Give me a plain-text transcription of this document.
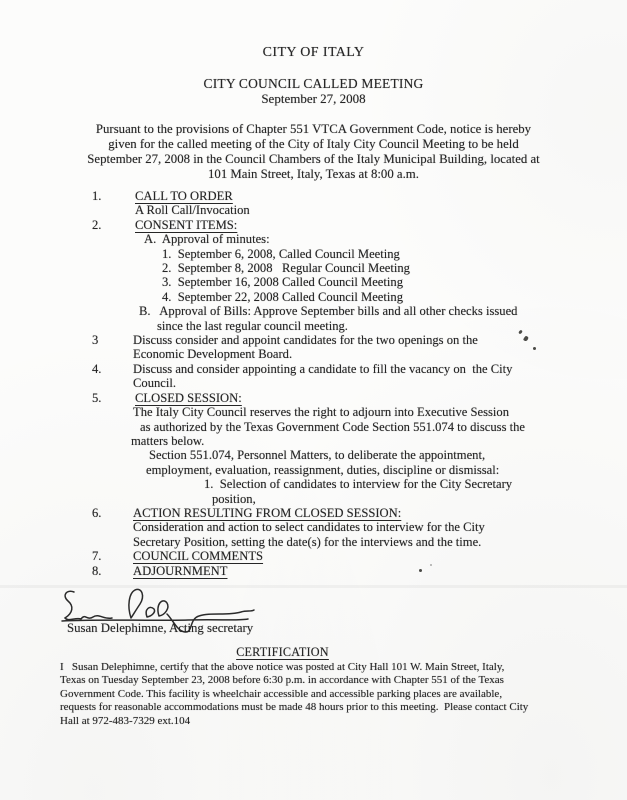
CITY OF ITALY
CITY COUNCIL CALLED MEETING
September 27, 2008
Pursuant to the provisions of Chapter 551 VTCA Government Code, notice is hereby
given for the called meeting of the City of Italy City Council Meeting to be held
September 27, 2008 in the Council Chambers of the Italy Municipal Building, located at
101 Main Street, Italy, Texas at 8:00 a.m.
1.	CALL TO ORDER
A Roll Call/Invocation
2.	CONSENT ITEMS:
A.  Approval of minutes:
1.  September 6, 2008, Called Council Meeting
2.  September 8, 2008   Regular Council Meeting
3.  September 16, 2008 Called Council Meeting
4.  September 22, 2008 Called Council Meeting
B.   Approval of Bills: Approve September bills and all other checks issued
since the last regular council meeting.
3	Discuss consider and appoint candidates for the two openings on the
Economic Development Board.
4.	Discuss and consider appointing a candidate to fill the vacancy on  the City
Council.
5.	CLOSED SESSION:
The Italy City Council reserves the right to adjourn into Executive Session
as authorized by the Texas Government Code Section 551.074 to discuss the
matters below.
Section 551.074, Personnel Matters, to deliberate the appointment,
employment, evaluation, reassignment, duties, discipline or dismissal:
1.  Selection of candidates to interview for the City Secretary
position,
6.	ACTION RESULTING FROM CLOSED SESSION:
Consideration and action to select candidates to interview for the City
Secretary Position, setting the date(s) for the interviews and the time.
7.	COUNCIL COMMENTS
8.	ADJOURNMENT
Susan Delephimne, Acting secretary
CERTIFICATION
I   Susan Delephimne, certify that the above notice was posted at City Hall 101 W. Main Street, Italy,
Texas on Tuesday September 23, 2008 before 6:30 p.m. in accordance with Chapter 551 of the Texas
Government Code. This facility is wheelchair accessible and accessible parking places are available,
requests for reasonable accommodations must be made 48 hours prior to this meeting.  Please contact City
Hall at 972-483-7329 ext.104
